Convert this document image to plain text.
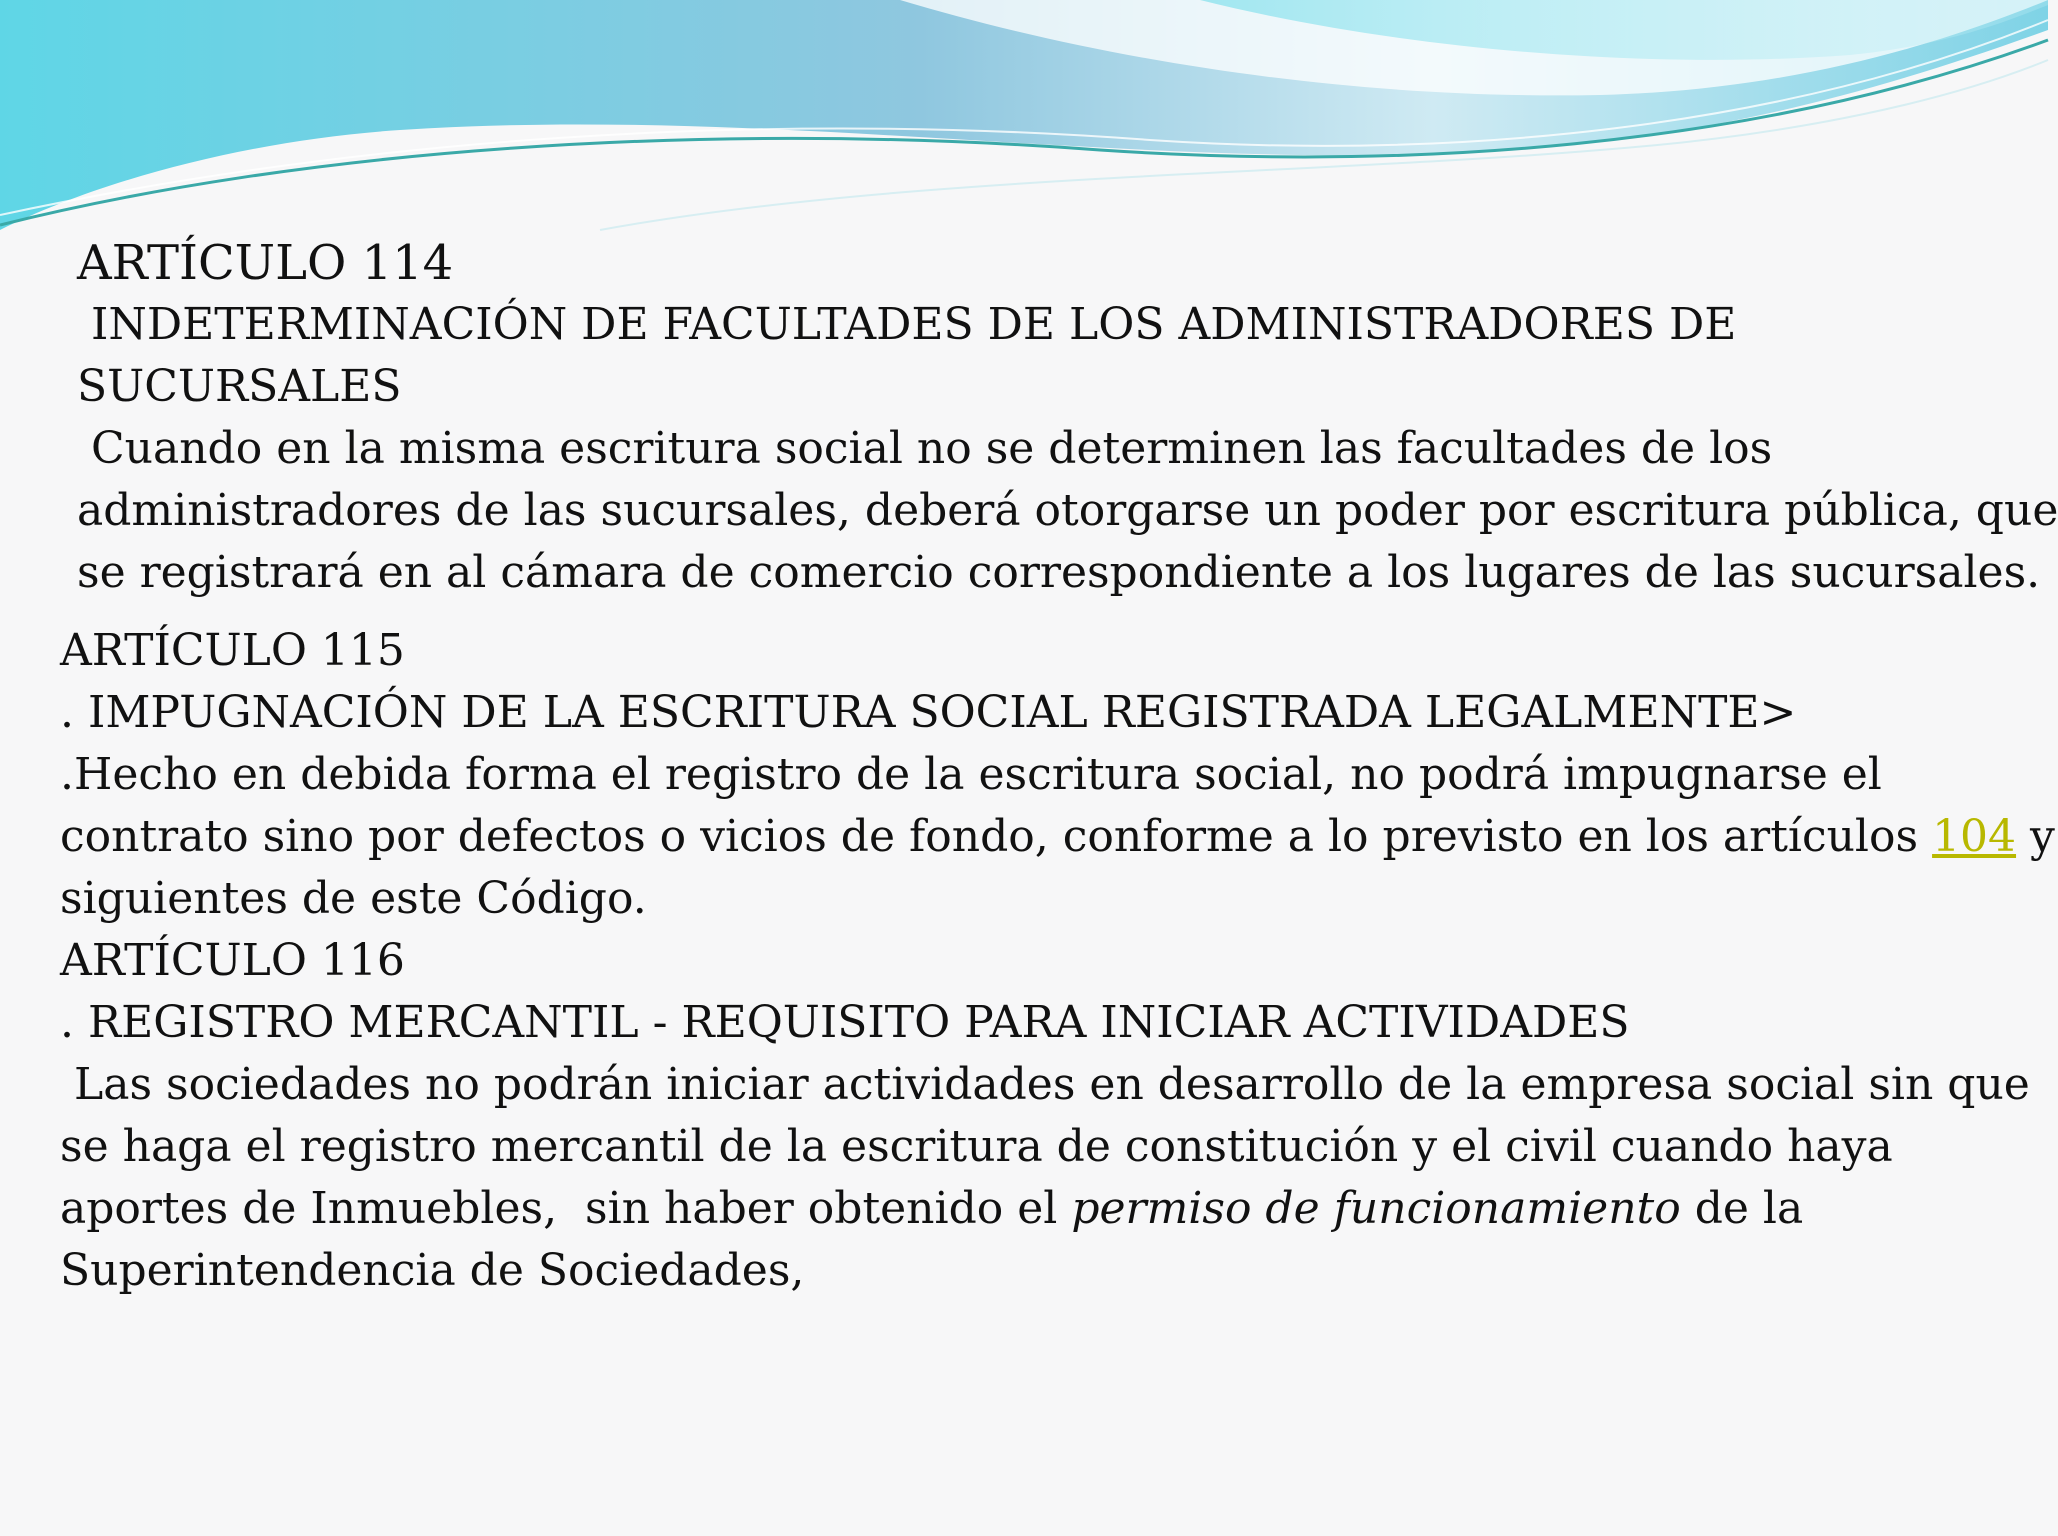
ARTÍCULO 114
INDETERMINACIÓN DE FACULTADES DE LOS ADMINISTRADORES DE
SUCURSALES
Cuando en la misma escritura social no se determinen las facultades de los
administradores de las sucursales, deberá otorgarse un poder por escritura pública, que
se registrará en al cámara de comercio correspondiente a los lugares de las sucursales.
ARTÍCULO 115
. IMPUGNACIÓN DE LA ESCRITURA SOCIAL REGISTRADA LEGALMENTE>
.Hecho en debida forma el registro de la escritura social, no podrá impugnarse el
contrato sino por defectos o vicios de fondo, conforme a lo previsto en los artículos 104 y
siguientes de este Código.
ARTÍCULO 116
. REGISTRO MERCANTIL - REQUISITO PARA INICIAR ACTIVIDADES
Las sociedades no podrán iniciar actividades en desarrollo de la empresa social sin que
se haga el registro mercantil de la escritura de constitución y el civil cuando haya
aportes de Inmuebles,  sin haber obtenido el permiso de funcionamiento de la
Superintendencia de Sociedades,
